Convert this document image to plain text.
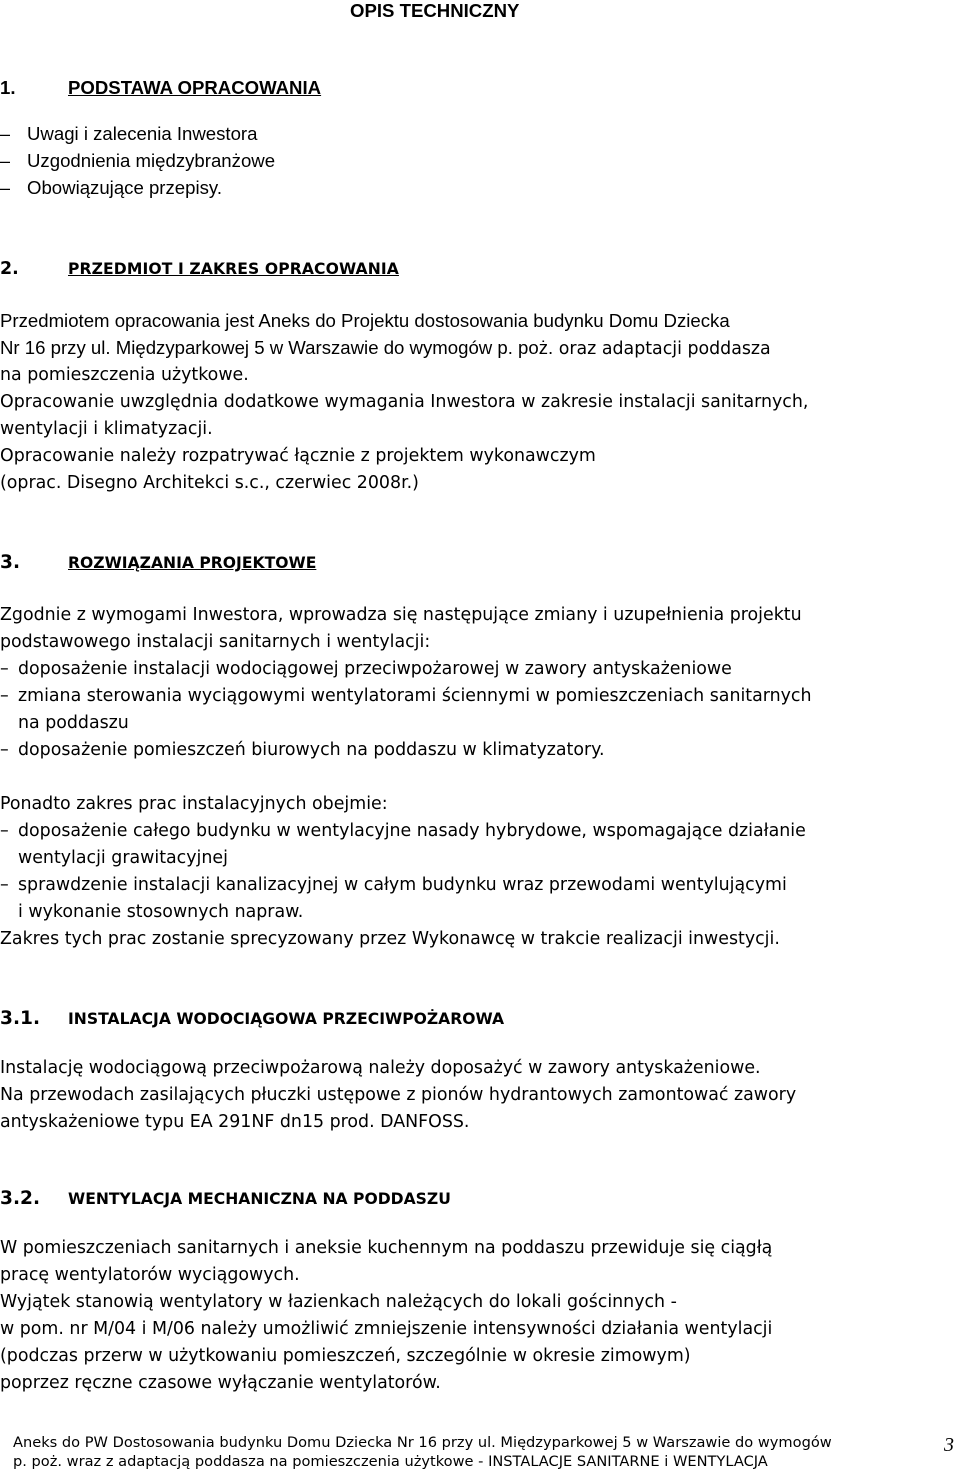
OPIS TECHNICZNY
1.	PODSTAWA OPRACOWANIA
– Uwagi i zalecenia Inwestora
– Uzgodnienia międzybranżowe
– Obowiązujące przepisy.
2.	PRZEDMIOT I ZAKRES OPRACOWANIA
Przedmiotem opracowania jest Aneks do Projektu dostosowania budynku Domu Dziecka
Nr 16 przy ul. Międzyparkowej 5 w Warszawie do wymogów p. poż. oraz adaptacji poddasza
na pomieszczenia użytkowe.
Opracowanie uwzględnia dodatkowe wymagania Inwestora w zakresie instalacji sanitarnych,
wentylacji i klimatyzacji.
Opracowanie należy rozpatrywać łącznie z projektem wykonawczym
(oprac. Disegno Architekci s.c., czerwiec 2008r.)
3.	ROZWIĄZANIA PROJEKTOWE
Zgodnie z wymogami Inwestora, wprowadza się następujące zmiany i uzupełnienia projektu
podstawowego instalacji sanitarnych i wentylacji:
– doposażenie instalacji wodociągowej przeciwpożarowej w zawory antyskażeniowe
– zmiana sterowania wyciągowymi wentylatorami ściennymi w pomieszczeniach sanitarnych
na poddaszu
– doposażenie pomieszczeń biurowych na poddaszu w klimatyzatory.
Ponadto zakres prac instalacyjnych obejmie:
– doposażenie całego budynku w wentylacyjne nasady hybrydowe, wspomagające działanie
wentylacji grawitacyjnej
– sprawdzenie instalacji kanalizacyjnej w całym budynku wraz przewodami wentylującymi
i wykonanie stosownych napraw.
Zakres tych prac zostanie sprecyzowany przez Wykonawcę w trakcie realizacji inwestycji.
3.1. INSTALACJA WODOCIĄGOWA PRZECIWPOŻAROWA
Instalację wodociągową przeciwpożarową należy doposażyć w zawory antyskażeniowe.
Na przewodach zasilających płuczki ustępowe z pionów hydrantowych zamontować zawory
antyskażeniowe typu EA 291NF dn15 prod. DANFOSS.
3.2. WENTYLACJA MECHANICZNA NA PODDASZU
W pomieszczeniach sanitarnych i aneksie kuchennym na poddaszu przewiduje się ciągłą
pracę wentylatorów wyciągowych.
Wyjątek stanowią wentylatory w łazienkach należących do lokali gościnnych -
w pom. nr M/04 i M/06 należy umożliwić zmniejszenie intensywności działania wentylacji
(podczas przerw w użytkowaniu pomieszczeń, szczególnie w okresie zimowym)
poprzez ręczne czasowe wyłączanie wentylatorów.
Aneks do PW Dostosowania budynku Domu Dziecka Nr 16 przy ul. Międzyparkowej 5 w Warszawie do wymogów
p. poż. wraz z adaptacją poddasza na pomieszczenia użytkowe - INSTALACJE SANITARNE i WENTYLACJA
3
